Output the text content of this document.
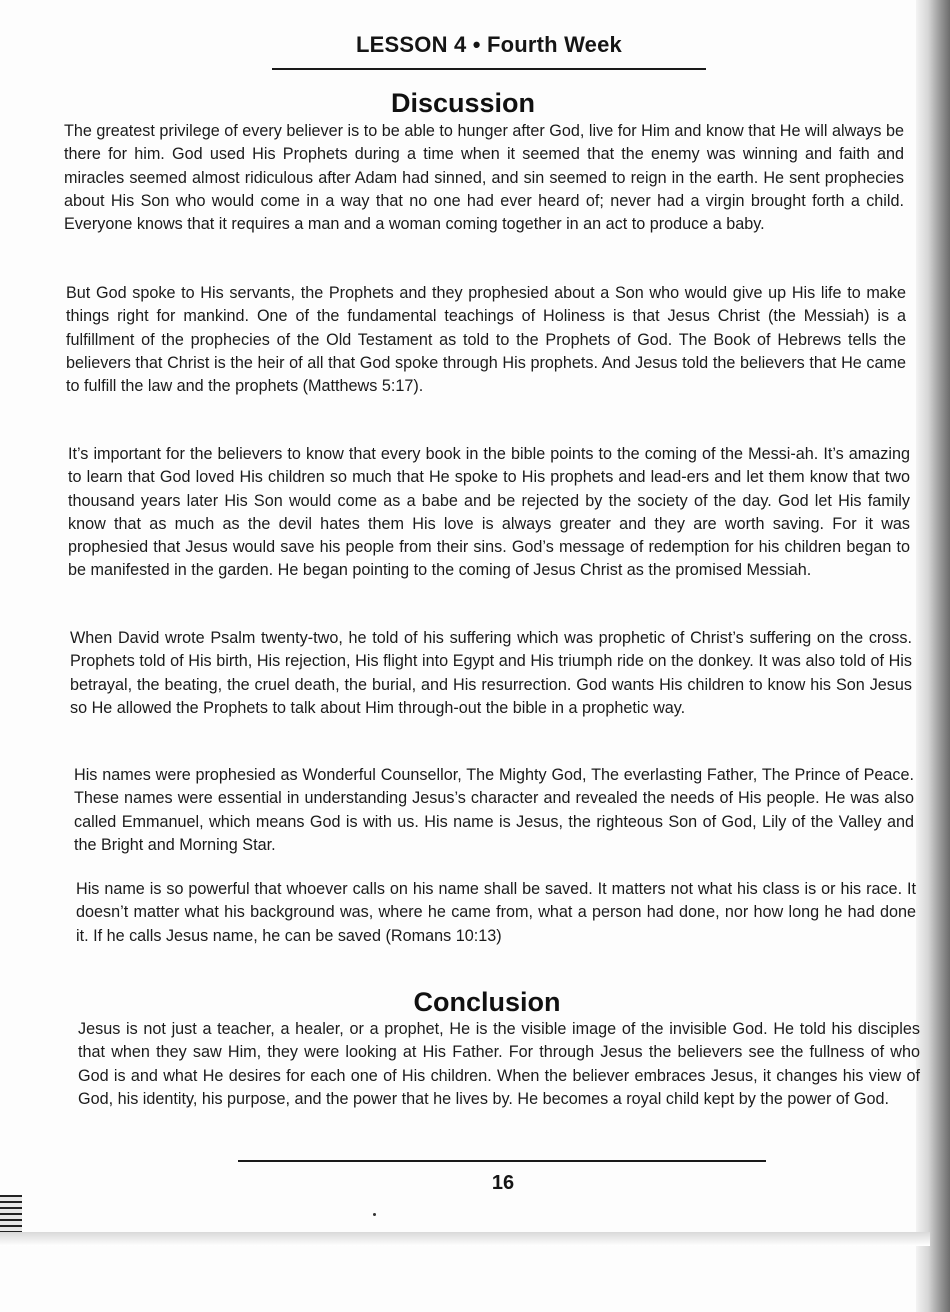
LESSON 4 • Fourth Week
Discussion

The greatest privilege of every believer is to be able to hunger after God, live for Him and know that He will always be there for him. God used His Prophets during a time when it seemed that the enemy was winning and faith and miracles seemed almost ridiculous after Adam had sinned, and sin seemed to reign in the earth. He sent prophecies about His Son who would come in a way that no one had ever heard of; never had a virgin brought forth a child. Everyone knows that it requires a man and a woman coming together in an act to produce a baby.

But God spoke to His servants, the Prophets and they prophesied about a Son who would give up His life to make things right for mankind. One of the fundamental teachings of Holiness is that Jesus Christ (the Messiah) is a fulfillment of the prophecies of the Old Testament as told to the Prophets of God. The Book of Hebrews tells the believers that Christ is the heir of all that God spoke through His prophets. And Jesus told the believers that He came to fulfill the law and the prophets (Matthews 5:17).

It’s important for the believers to know that every book in the bible points to the coming of the Messi-ah. It’s amazing to learn that God loved His children so much that He spoke to His prophets and lead-ers and let them know that two thousand years later His Son would come as a babe and be rejected by the society of the day. God let His family know that as much as the devil hates them His love is always greater and they are worth saving. For it was prophesied that Jesus would save his people from their sins. God’s message of redemption for his children began to be manifested in the garden. He began pointing to the coming of Jesus Christ as the promised Messiah.

When David wrote Psalm twenty-two, he told of his suffering which was prophetic of Christ’s suffering on the cross. Prophets told of His birth, His rejection, His flight into Egypt and His triumph ride on the donkey. It was also told of His betrayal, the beating, the cruel death, the burial, and His resurrection. God wants His children to know his Son Jesus so He allowed the Prophets to talk about Him through-out the bible in a prophetic way.

His names were prophesied as Wonderful Counsellor, The Mighty God, The everlasting Father, The Prince of Peace. These names were essential in understanding Jesus’s character and revealed the needs of His people. He was also called Emmanuel, which means God is with us. His name is Jesus, the righteous Son of God, Lily of the Valley and the Bright and Morning Star.

His name is so powerful that whoever calls on his name shall be saved. It matters not what his class is or his race. It doesn’t matter what his background was, where he came from, what a person had done, nor how long he had done it. If he calls Jesus name, he can be saved (Romans 10:13)

Conclusion

Jesus is not just a teacher, a healer, or a prophet, He is the visible image of the invisible God. He told his disciples that when they saw Him, they were looking at His Father. For through Jesus the believers see the fullness of who God is and what He desires for each one of His children. When the believer embraces Jesus, it changes his view of God, his identity, his purpose, and the power that he lives by. He becomes a royal child kept by the power of God.

16
